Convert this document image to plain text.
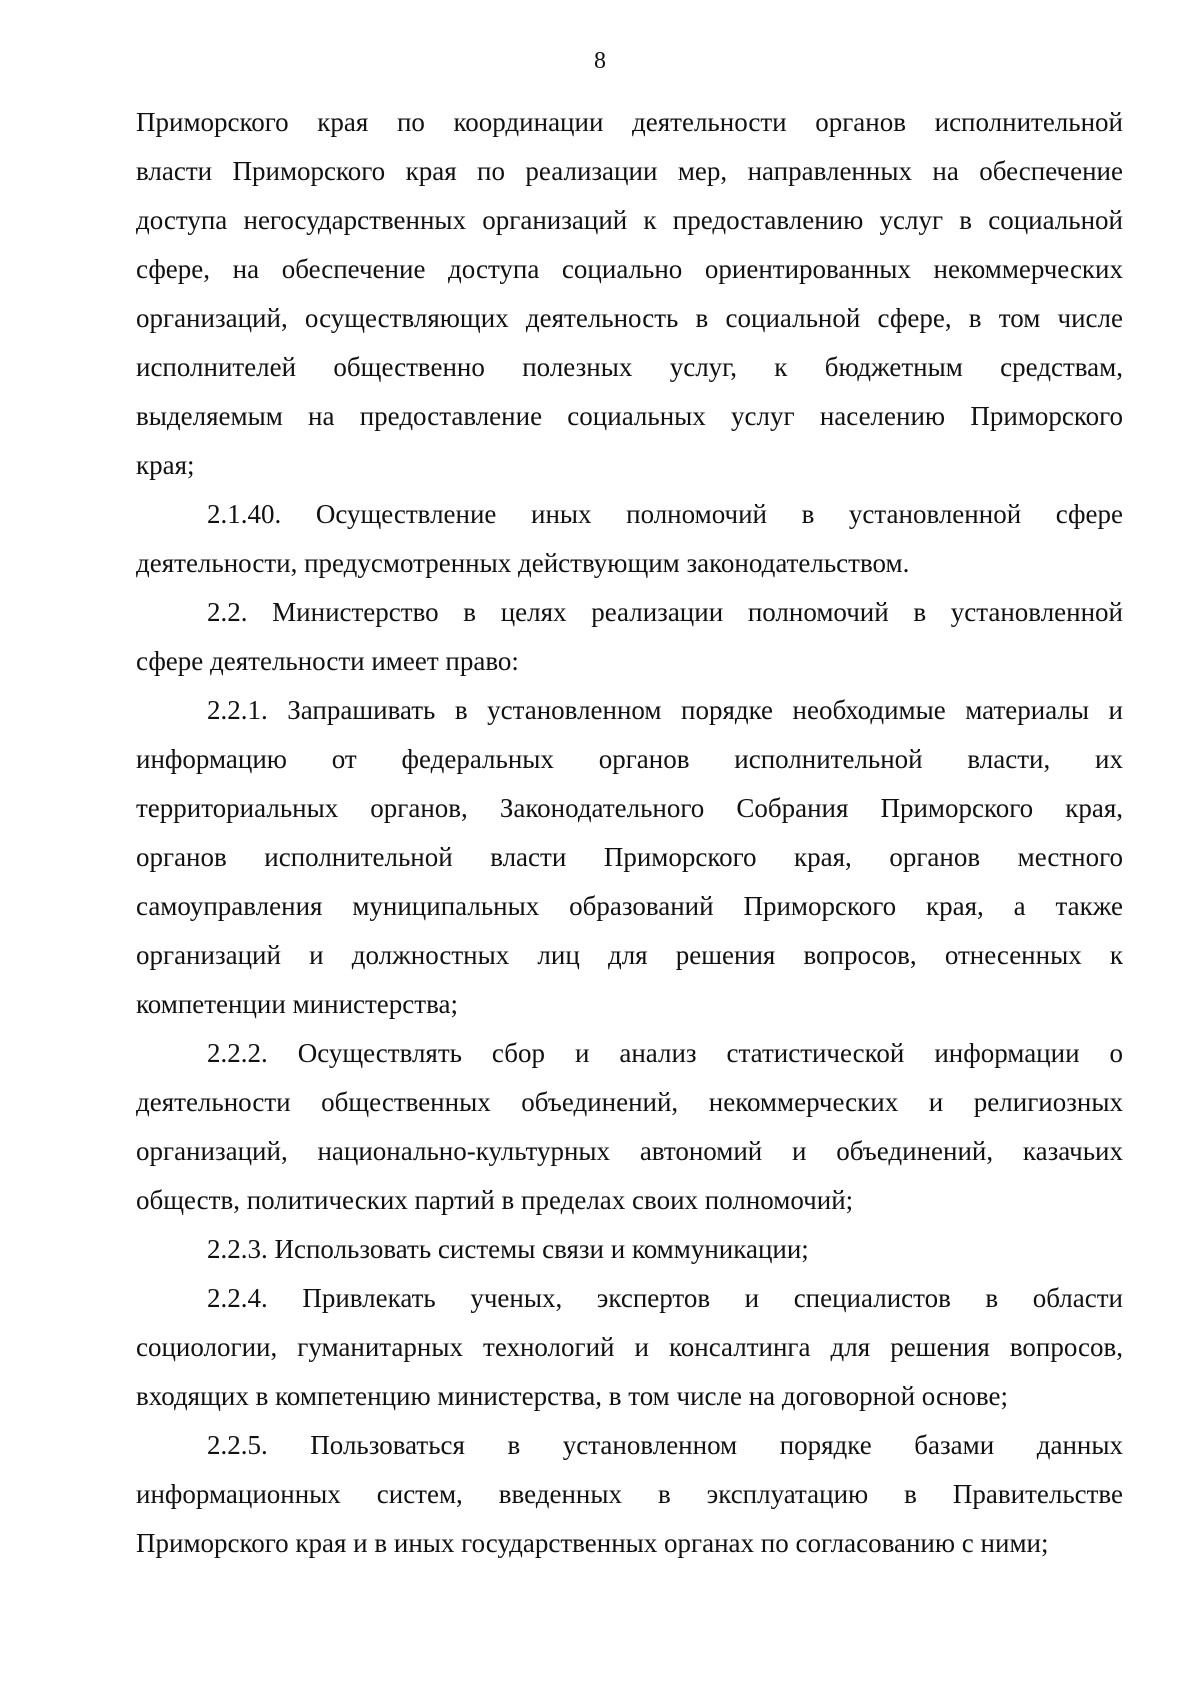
8

Приморского края по координации деятельности органов исполнительной
власти Приморского края по реализации мер, направленных на обеспечение
доступа негосударственных организаций к предоставлению услуг в социальной
сфере, на обеспечение доступа социально ориентированных некоммерческих
организаций, осуществляющих деятельность в социальной сфере, в том числе
исполнителей общественно полезных услуг, к бюджетным средствам,
выделяемым на предоставление социальных услуг населению Приморского
края;

2.1.40. Осуществление иных полномочий в установленной сфере
деятельности, предусмотренных действующим законодательством.

2.2. Министерство в целях реализации полномочий в установленной
сфере деятельности имеет право:

2.2.1. Запрашивать в установленном порядке необходимые материалы и
информацию от федеральных органов исполнительной власти, их
территориальных органов, Законодательного Собрания Приморского края,
органов исполнительной власти Приморского края, органов местного
самоуправления муниципальных образований Приморского края, а также
организаций и должностных лиц для решения вопросов, отнесенных к
компетенции министерства;

2.2.2. Осуществлять сбор и анализ статистической информации о
деятельности общественных объединений, некоммерческих и религиозных
организаций, национально-культурных автономий и объединений, казачьих
обществ, политических партий в пределах своих полномочий;

2.2.3. Использовать системы связи и коммуникации;

2.2.4. Привлекать ученых, экспертов и специалистов в области
социологии, гуманитарных технологий и консалтинга для решения вопросов,
входящих в компетенцию министерства, в том числе на договорной основе;

2.2.5. Пользоваться в установленном порядке базами данных
информационных систем, введенных в эксплуатацию в Правительстве
Приморского края и в иных государственных органах по согласованию с ними;
